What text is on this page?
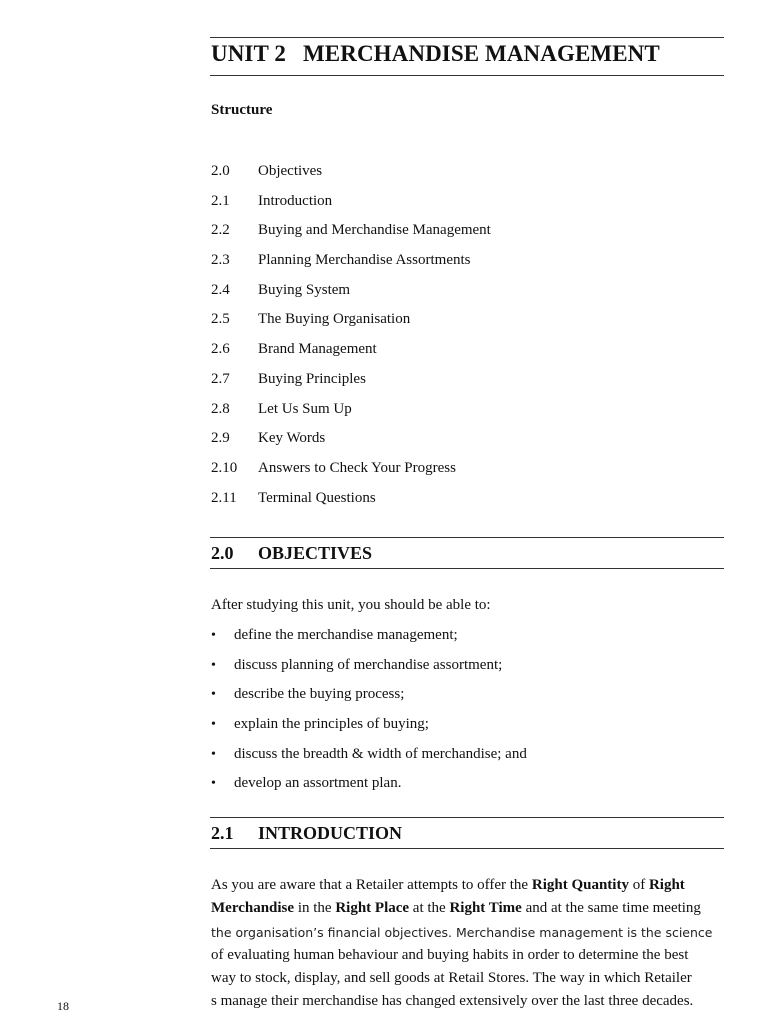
UNIT 2 MERCHANDISE MANAGEMENT
Structure
2.0 Objectives
2.1 Introduction
2.2 Buying and Merchandise Management
2.3 Planning Merchandise Assortments
2.4 Buying System
2.5 The Buying Organisation
2.6 Brand Management
2.7 Buying Principles
2.8 Let Us Sum Up
2.9 Key Words
2.10 Answers to Check Your Progress
2.11 Terminal Questions
2.0 OBJECTIVES
After studying this unit, you should be able to:
• define the merchandise management;
• discuss planning of merchandise assortment;
• describe the buying process;
• explain the principles of buying;
• discuss the breadth & width of merchandise; and
• develop an assortment plan.
2.1 INTRODUCTION
As you are aware that a Retailer attempts to offer the Right Quantity of Right
Merchandise in the Right Place at the Right Time and at the same time meeting
the organisation’s financial objectives. Merchandise management is the science
of evaluating human behaviour and buying habits in order to determine the best
way to stock, display, and sell goods at Retail Stores. The way in which Retailer
s manage their merchandise has changed extensively over the last three decades.
18
